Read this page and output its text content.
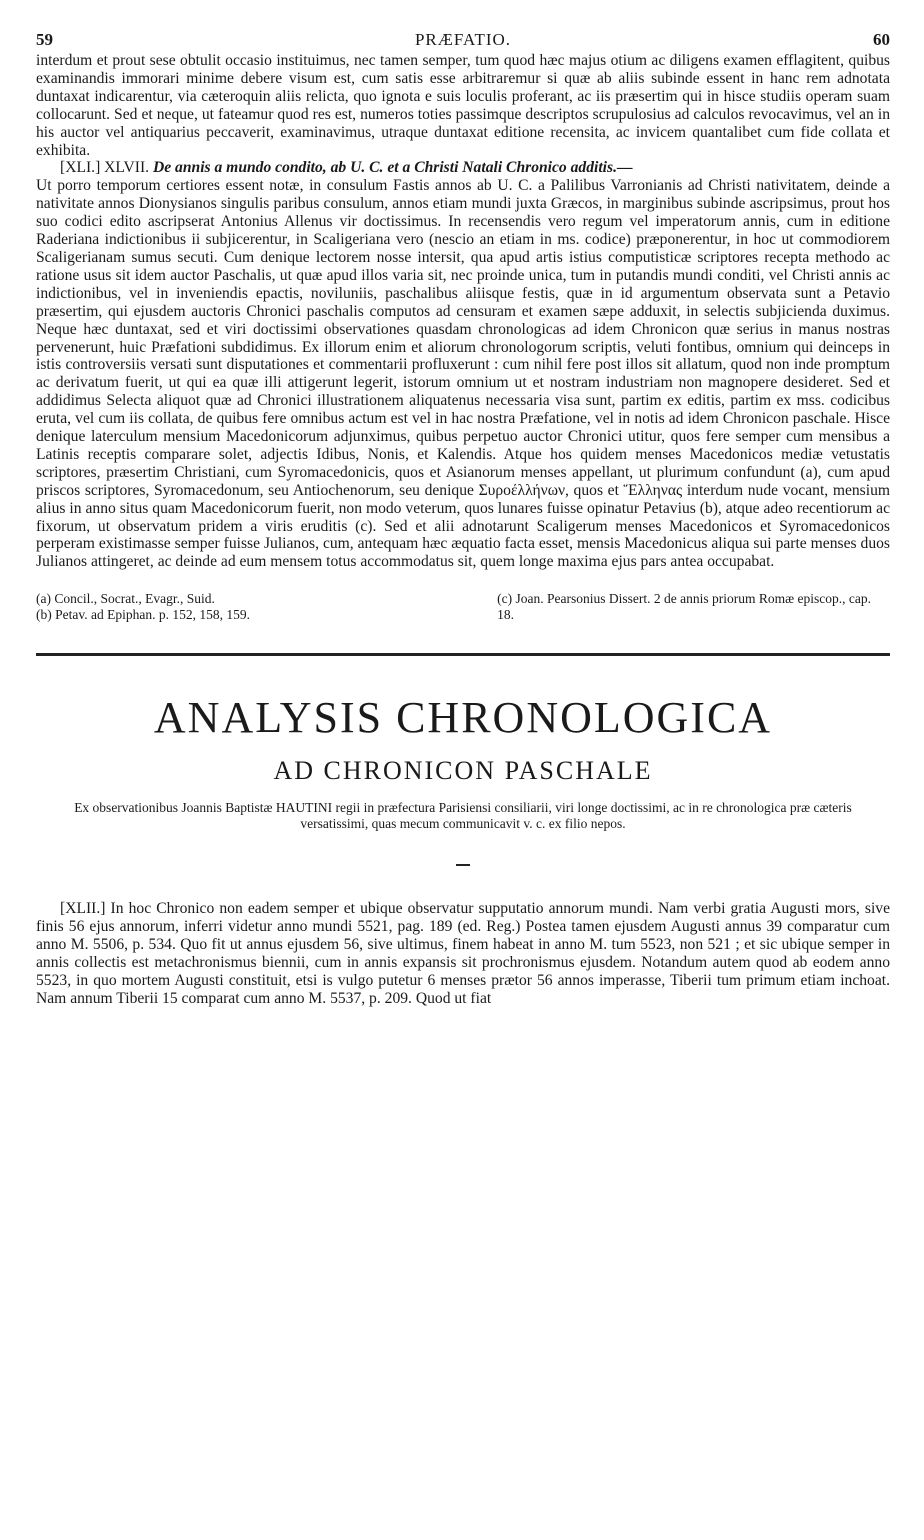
59	PRÆFATIO.	60

interdum et prout sese obtulit occasio instituimus, nec tamen semper, tum quod hæc majus otium ac diligens examen efflagitent, quibus examinandis immorari minime debere visum est, cum satis esse arbitraremur si quæ ab aliis subinde essent in hanc rem adnotata duntaxat indicarentur, via cæteroquin aliis relicta, quo ignota e suis loculis proferant, ac iis præsertim qui in hisce studiis operam suam collocarunt. Sed et neque, ut fateamur quod res est, numeros toties passimque descriptos scrupulosius ad calculos revocavimus, vel an in his auctor vel antiquarius peccaverit, examinavimus, utraque duntaxat editione recensita, ac invicem quantalibet cum fide collata et exhibita.

[XLI.] XLVII. De annis a mundo condito, ab U. C. et a Christi Natali Chronico additis.—

Ut porro temporum certiores essent notæ, in consulum Fastis annos ab U. C. a Palilibus Varronianis ad Christi nativitatem, deinde a nativitate annos Dionysianos singulis paribus consulum, annos etiam mundi juxta Græcos, in marginibus subinde ascripsimus, prout hos suo codici edito ascripserat Antonius Allenus vir doctissimus. In recensendis vero regum vel imperatorum annis, cum in editione Raderiana indictionibus ii subjicerentur, in Scaligeriana vero (nescio an etiam in ms. codice) præponerentur, in hoc ut commodiorem Scaligerianam sumus secuti. Cum denique lectorem nosse intersit, qua apud artis istius computisticæ scriptores recepta methodo ac ratione usus sit idem auctor Paschalis, ut quæ apud illos varia sit, nec proinde unica, tum in putandis mundi conditi, vel Christi annis ac indictionibus, vel in inveniendis epactis, noviluniis, paschalibus aliisque festis, quæ in id argumentum observata sunt a Petavio præsertim, qui ejusdem auctoris Chronici paschalis computos ad censuram et examen sæpe adduxit, in selectis subjicienda duximus. Neque hæc duntaxat, sed et viri doctissimi observationes quasdam chronologicas ad idem Chronicon quæ serius in manus nostras pervenerunt, huic Præfationi subdidimus. Ex illorum enim et aliorum chronologorum scriptis, veluti fontibus, omnium qui deinceps in istis controversiis versati sunt disputationes et commentarii profluxerunt : cum nihil fere post illos sit allatum, quod non inde promptum ac derivatum fuerit, ut qui ea quæ illi attigerunt legerit, istorum omnium ut et nostram industriam non magnopere desideret. Sed et addidimus Selecta aliquot quæ ad Chronici illustrationem aliquatenus necessaria visa sunt, partim ex editis, partim ex mss. codicibus eruta, vel cum iis collata, de quibus fere omnibus actum est vel in hac nostra Præfatione, vel in notis ad idem Chronicon paschale. Hisce denique laterculum mensium Macedonicorum adjunximus, quibus perpetuo auctor Chronici utitur, quos fere semper cum mensibus a Latinis receptis comparare solet, adjectis Idibus, Nonis, et Kalendis. Atque hos quidem menses Macedonicos mediæ vetustatis scriptores, præsertim Christiani, cum Syromacedonicis, quos et Asianorum menses appellant, ut plurimum confundunt (a), cum apud priscos scriptores, Syromacedonum, seu Antiochenorum, seu denique Συροέλλήνων, quos et Ἕλληνας interdum nude vocant, mensium alius in anno situs quam Macedonicorum fuerit, non modo veterum, quos lunares fuisse opinatur Petavius (b), atque adeo recentiorum ac fixorum, ut observatum pridem a viris eruditis (c). Sed et alii adnotarunt Scaligerum menses Macedonicos et Syromacedonicos perperam existimasse semper fuisse Julianos, cum, antequam hæc æquatio facta esset, mensis Macedonicus aliqua sui parte menses duos Julianos attingeret, ac deinde ad eum mensem totus accommodatus sit, quem longe maxima ejus pars antea occupabat.

(a) Concil., Socrat., Evagr., Suid.
(b) Petav. ad Epiphan. p. 152, 158, 159.
(c) Joan. Pearsonius Dissert. 2 de annis priorum Romæ episcop., cap. 18.
ANALYSIS CHRONOLOGICA
AD CHRONICON PASCHALE
Ex observationibus Joannis Baptistæ HAUTINI regii in præfectura Parisiensi consiliarii, viri longe doctissimi, ac in re chronologica præ cæteris versatissimi, quas mecum communicavit v. c. ex filio nepos.

[XLII.] In hoc Chronico non eadem semper et ubique observatur supputatio annorum mundi. Nam verbi gratia Augusti mors, sive finis 56 ejus annorum, inferri videtur anno mundi 5521, pag. 189 (ed. Reg.) Postea tamen ejusdem Augusti annus 39 comparatur cum anno M. 5506, p. 534. Quo fit ut annus ejusdem 56, sive ultimus, finem habeat in anno M. tum 5523, non 521 ; et sic ubique semper in annis collectis est metachronismus biennii, cum in annis expansis sit prochronismus ejusdem. Notandum autem quod ab eodem anno 5523, in quo mortem Augusti constituit, etsi is vulgo putetur 6 menses prætor 56 annos imperasse, Tiberii tum primum etiam inchoat. Nam annum Tiberii 15 comparat cum anno M. 5537, p. 209. Quod ut fiat
